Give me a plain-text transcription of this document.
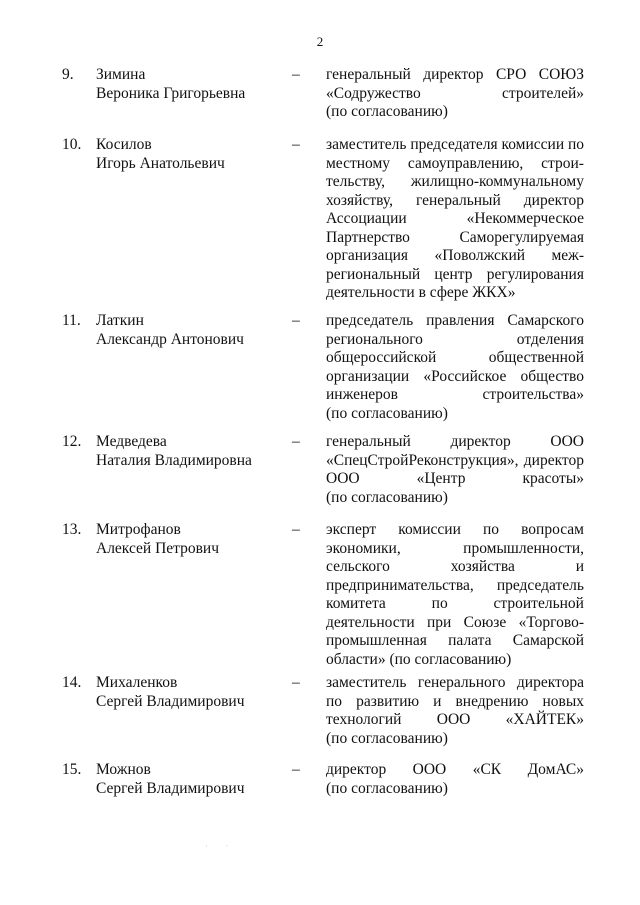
2
9. Зимина
Вероника Григорьевна
– генеральный директор СРО СОЮЗ
«Содружество	строителей»
(по согласованию)
10. Косилов
Игорь Анатольевич
– заместитель председателя комиссии по
местному самоуправлению, строи-
тельству, жилищно-коммунальному
хозяйству, генеральный директор
Ассоциации	«Некоммерческое
Партнерство	Саморегулируемая
организация «Поволжский меж-
региональный центр регулирования
деятельности в сфере ЖКХ»
11. Латкин
Александр Антонович
– председатель правления Самарского
регионального	отделения
общероссийской	общественной
организации «Российское общество
инженеров	строительства»
(по согласованию)
12. Медведева
Наталия Владимировна
– генеральный	директор	ООО
«СпецСтройРеконструкция», директор
ООО	«Центр	красоты»
(по согласованию)
13. Митрофанов
Алексей Петрович
– эксперт комиссии по вопросам
экономики,	промышленности,
сельского	хозяйства	и
предпринимательства, председатель
комитета	по	строительной
деятельности при Союзе «Торгово-
промышленная палата Самарской
области» (по согласованию)
14. Михаленков
Сергей Владимирович
– заместитель генерального директора
по развитию и внедрению новых
технологий ООО «ХАЙТЕК»
(по согласованию)
15. Можнов
Сергей Владимирович
– директор ООО «СК ДомАС»
(по согласованию)
··
